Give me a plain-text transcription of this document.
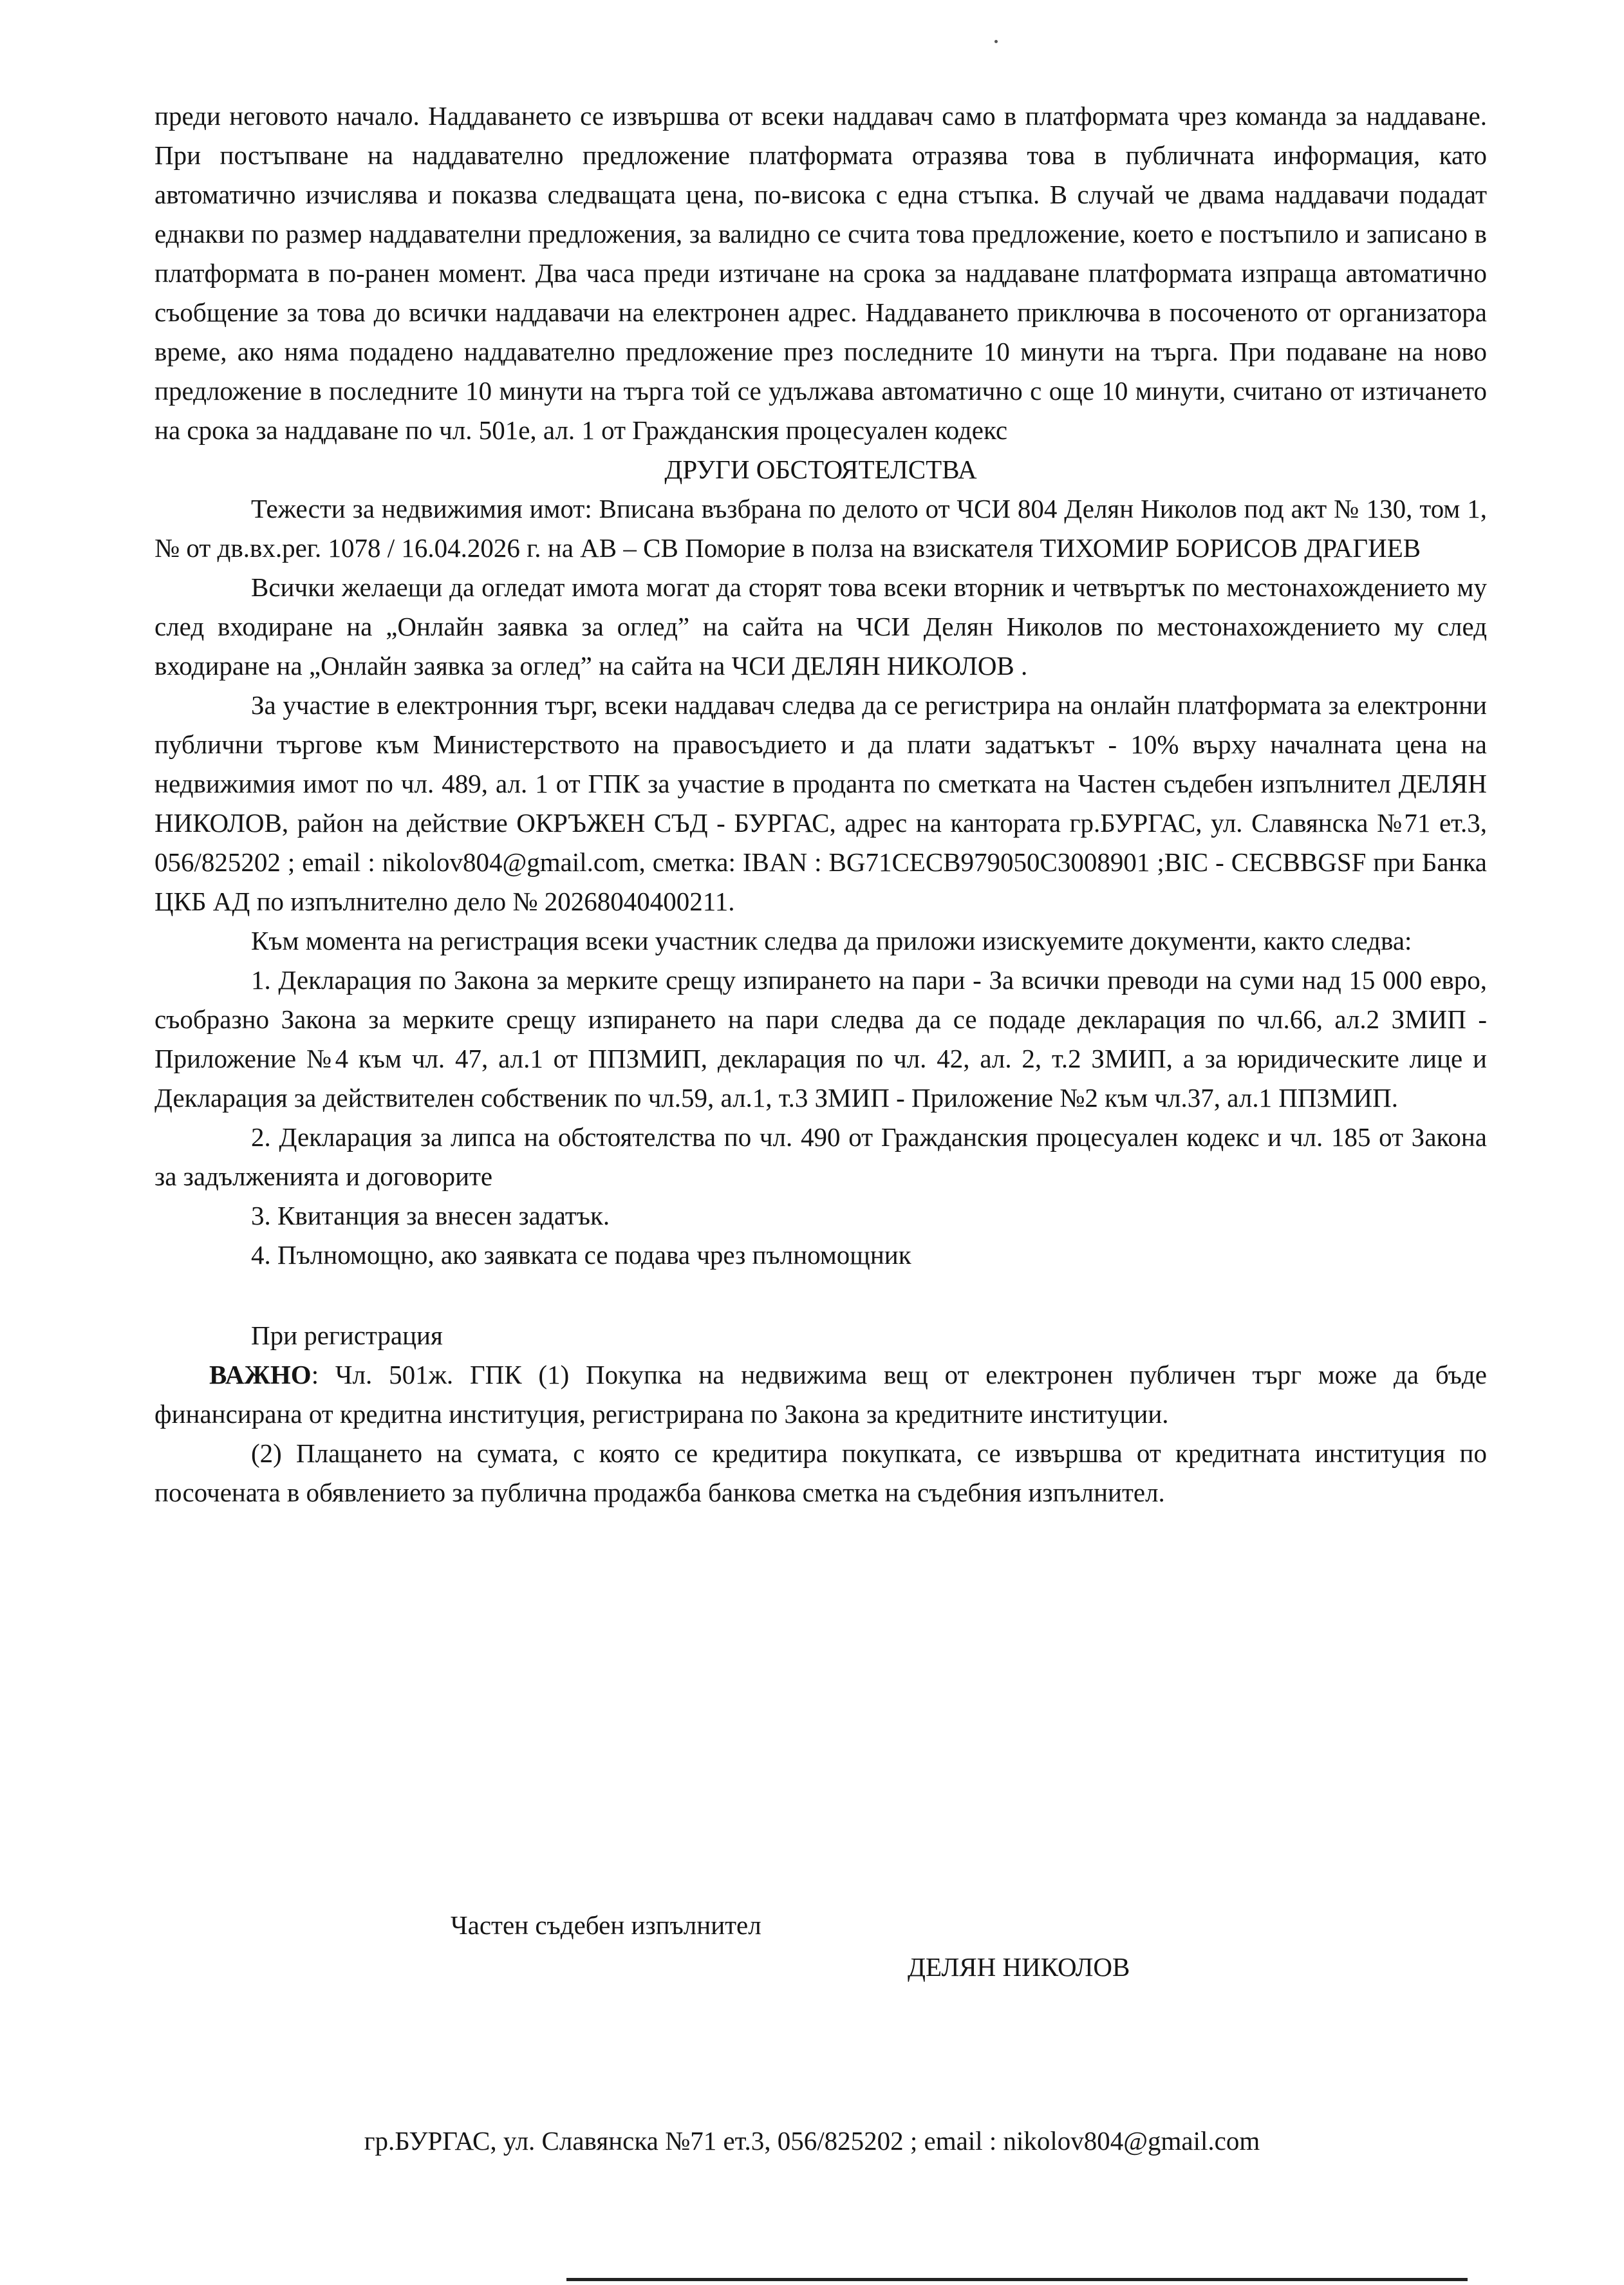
преди неговото начало. Наддаването се извършва от всеки наддавач само в платформата чрез команда за наддаване. При постъпване на наддавателно предложение платформата отразява това в публичната информация, като автоматично изчислява и показва следващата цена, по-висока с една стъпка. В случай че двама наддавачи подадат еднакви по размер наддавателни предложения, за валидно се счита това предложение, което е постъпило и записано в платформата в по-ранен момент. Два часа преди изтичане на срока за наддаване платформата изпраща автоматично съобщение за това до всички наддавачи на електронен адрес. Наддаването приключва в посоченото от организатора време, ако няма подадено наддавателно предложение през последните 10 минути на търга. При подаване на ново предложение в последните 10 минути на търга той се удължава автоматично с още 10 минути, считано от изтичането на срока за наддаване по чл. 501е, ал. 1 от Гражданския процесуален кодекс

ДРУГИ ОБСТОЯТЕЛСТВА

Тежести за недвижимия имот: Вписана възбрана по делото от ЧСИ 804 Делян Николов под акт № 130, том 1, № от дв.вх.рег. 1078 / 16.04.2026 г. на АВ – СВ Поморие в полза на взискателя ТИХОМИР БОРИСОВ ДРАГИЕВ

Всички желаещи да огледат имота могат да сторят това всеки вторник и четвъртък по местонахождението му след входиране на „Онлайн заявка за оглед” на сайта на ЧСИ Делян Николов по местонахождението му след входиране на „Онлайн заявка за оглед” на сайта на ЧСИ ДЕЛЯН НИКОЛОВ .

За участие в електронния търг, всеки наддавач следва да се регистрира на онлайн платформата за електронни публични търгове към Министерството на правосъдието и да плати задатъкът - 10% върху началната цена на недвижимия имот по чл. 489, ал. 1 от ГПК за участие в проданта по сметката на Частен съдебен изпълнител ДЕЛЯН НИКОЛОВ, район на действие ОКРЪЖЕН СЪД - БУРГАС, адрес на кантората гр.БУРГАС, ул. Славянска №71 ет.3, 056/825202 ; email : nikolov804@gmail.com, сметка: IBAN : BG71CECB979050C3008901 ;BIC - CECBBGSF при Банка ЦКБ АД по изпълнително дело № 20268040400211.

Към момента на регистрация всеки участник следва да приложи изискуемите документи, както следва:

1. Декларация по Закона за мерките срещу изпирането на пари - За всички преводи на суми над 15 000 евро, съобразно Закона за мерките срещу изпирането на пари следва да се подаде декларация по чл.66, ал.2 ЗМИП - Приложение №4 към чл. 47, ал.1 от ППЗМИП, декларация по чл. 42, ал. 2, т.2 ЗМИП, а за юридическите лице и Декларация за действителен собственик по чл.59, ал.1, т.3 ЗМИП - Приложение №2 към чл.37, ал.1 ППЗМИП.

2. Декларация за липса на обстоятелства по чл. 490 от Гражданския процесуален кодекс и чл. 185 от Закона за задълженията и договорите

3. Квитанция за внесен задатък.

4. Пълномощно, ако заявката се подава чрез пълномощник

При регистрация

ВАЖНО: Чл. 501ж. ГПК (1) Покупка на недвижима вещ от електронен публичен търг може да бъде финансирана от кредитна институция, регистрирана по Закона за кредитните институции.

(2) Плащането на сумата, с която се кредитира покупката, се извършва от кредитната институция по посочената в обявлението за публична продажба банкова сметка на съдебния изпълнител.

Частен съдебен изпълнител

ДЕЛЯН НИКОЛОВ

гр.БУРГАС, ул. Славянска №71 ет.3, 056/825202 ; email : nikolov804@gmail.com
